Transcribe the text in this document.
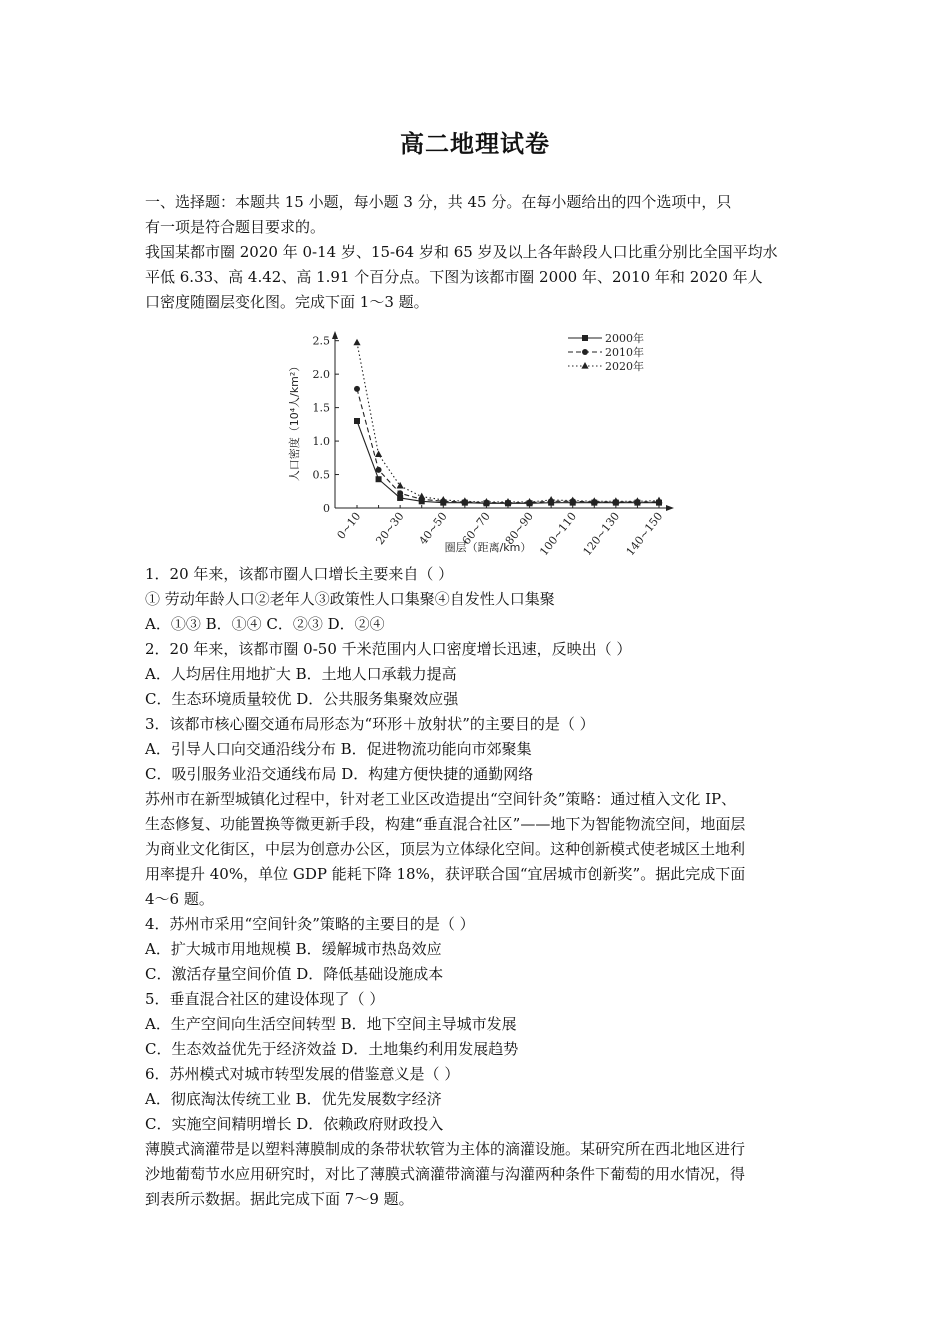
高二地理试卷
一、选择题：本题共 15 小题，每小题 3 分，共 45 分。在每小题给出的四个选项中，只
有一项是符合题目要求的。
我国某都市圈 2020 年 0-14 岁、15-64 岁和 65 岁及以上各年龄段人口比重分别比全国平均水
平低 6.33、高 4.42、高 1.91 个百分点。下图为该都市圈 2000 年、2010 年和 2020 年人
口密度随圈层变化图。完成下面 1～3 题。
0
0.5
1.0
1.5
2.0
2.5
0~10 20~30 40~50 60~70 80~90 100~110 120~130 140~150
人口密度（10⁴人/km²）
圈层（距离/km）
2000年
2010年
2020年
1．20 年来，该都市圈人口增长主要来自（ ）
① 劳动年龄人口②老年人③政策性人口集聚④自发性人口集聚
A．①③ B．①④ C．②③ D．②④
2．20 年来，该都市圈 0-50 千米范围内人口密度增长迅速，反映出（ ）
A．人均居住用地扩大 B．土地人口承载力提高
C．生态环境质量较优 D．公共服务集聚效应强
3．该都市核心圈交通布局形态为“环形＋放射状”的主要目的是（ ）
A．引导人口向交通沿线分布 B．促进物流功能向市郊聚集
C．吸引服务业沿交通线布局 D．构建方便快捷的通勤网络
苏州市在新型城镇化过程中，针对老工业区改造提出“空间针灸”策略：通过植入文化 IP、
生态修复、功能置换等微更新手段，构建“垂直混合社区”——地下为智能物流空间，地面层
为商业文化街区，中层为创意办公区，顶层为立体绿化空间。这种创新模式使老城区土地利
用率提升 40%，单位 GDP 能耗下降 18%，获评联合国“宜居城市创新奖”。据此完成下面
4～6 题。
4．苏州市采用“空间针灸”策略的主要目的是（ ）
A．扩大城市用地规模 B．缓解城市热岛效应
C．激活存量空间价值 D．降低基础设施成本
5．垂直混合社区的建设体现了（ ）
A．生产空间向生活空间转型 B．地下空间主导城市发展
C．生态效益优先于经济效益 D．土地集约利用发展趋势
6．苏州模式对城市转型发展的借鉴意义是（ ）
A．彻底淘汰传统工业 B．优先发展数字经济
C．实施空间精明增长 D．依赖政府财政投入
薄膜式滴灌带是以塑料薄膜制成的条带状软管为主体的滴灌设施。某研究所在西北地区进行
沙地葡萄节水应用研究时，对比了薄膜式滴灌带滴灌与沟灌两种条件下葡萄的用水情况，得
到表所示数据。据此完成下面 7～9 题。
